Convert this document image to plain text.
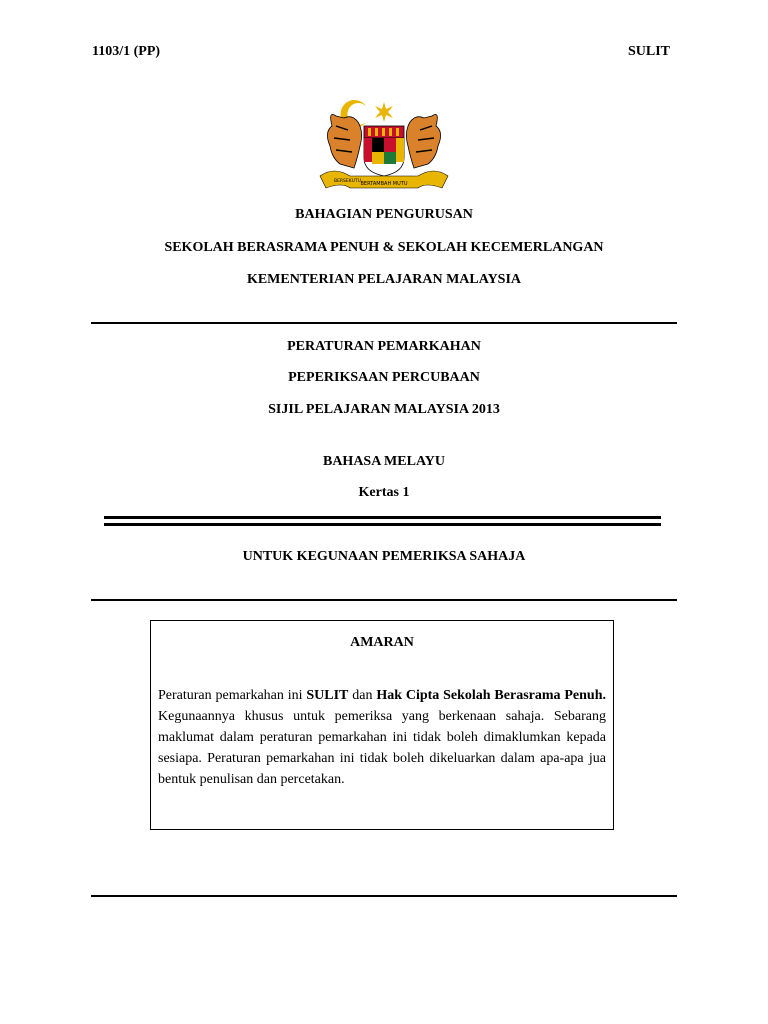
1103/1 (PP)	SULIT
BERSEKUTU BERTAMBAH MUTU
BAHAGIAN PENGURUSAN
SEKOLAH BERASRAMA PENUH & SEKOLAH KECEMERLANGAN
KEMENTERIAN PELAJARAN MALAYSIA
PERATURAN PEMARKAHAN
PEPERIKSAAN PERCUBAAN
SIJIL PELAJARAN MALAYSIA 2013
BAHASA MELAYU
Kertas 1
UNTUK KEGUNAAN PEMERIKSA SAHAJA
AMARAN
Peraturan pemarkahan ini SULIT dan Hak Cipta Sekolah Berasrama Penuh. Kegunaannya khusus untuk pemeriksa yang berkenaan sahaja. Sebarang maklumat dalam peraturan pemarkahan ini tidak boleh dimaklumkan kepada sesiapa. Peraturan pemarkahan ini tidak boleh dikeluarkan dalam apa-apa jua bentuk penulisan dan percetakan.
